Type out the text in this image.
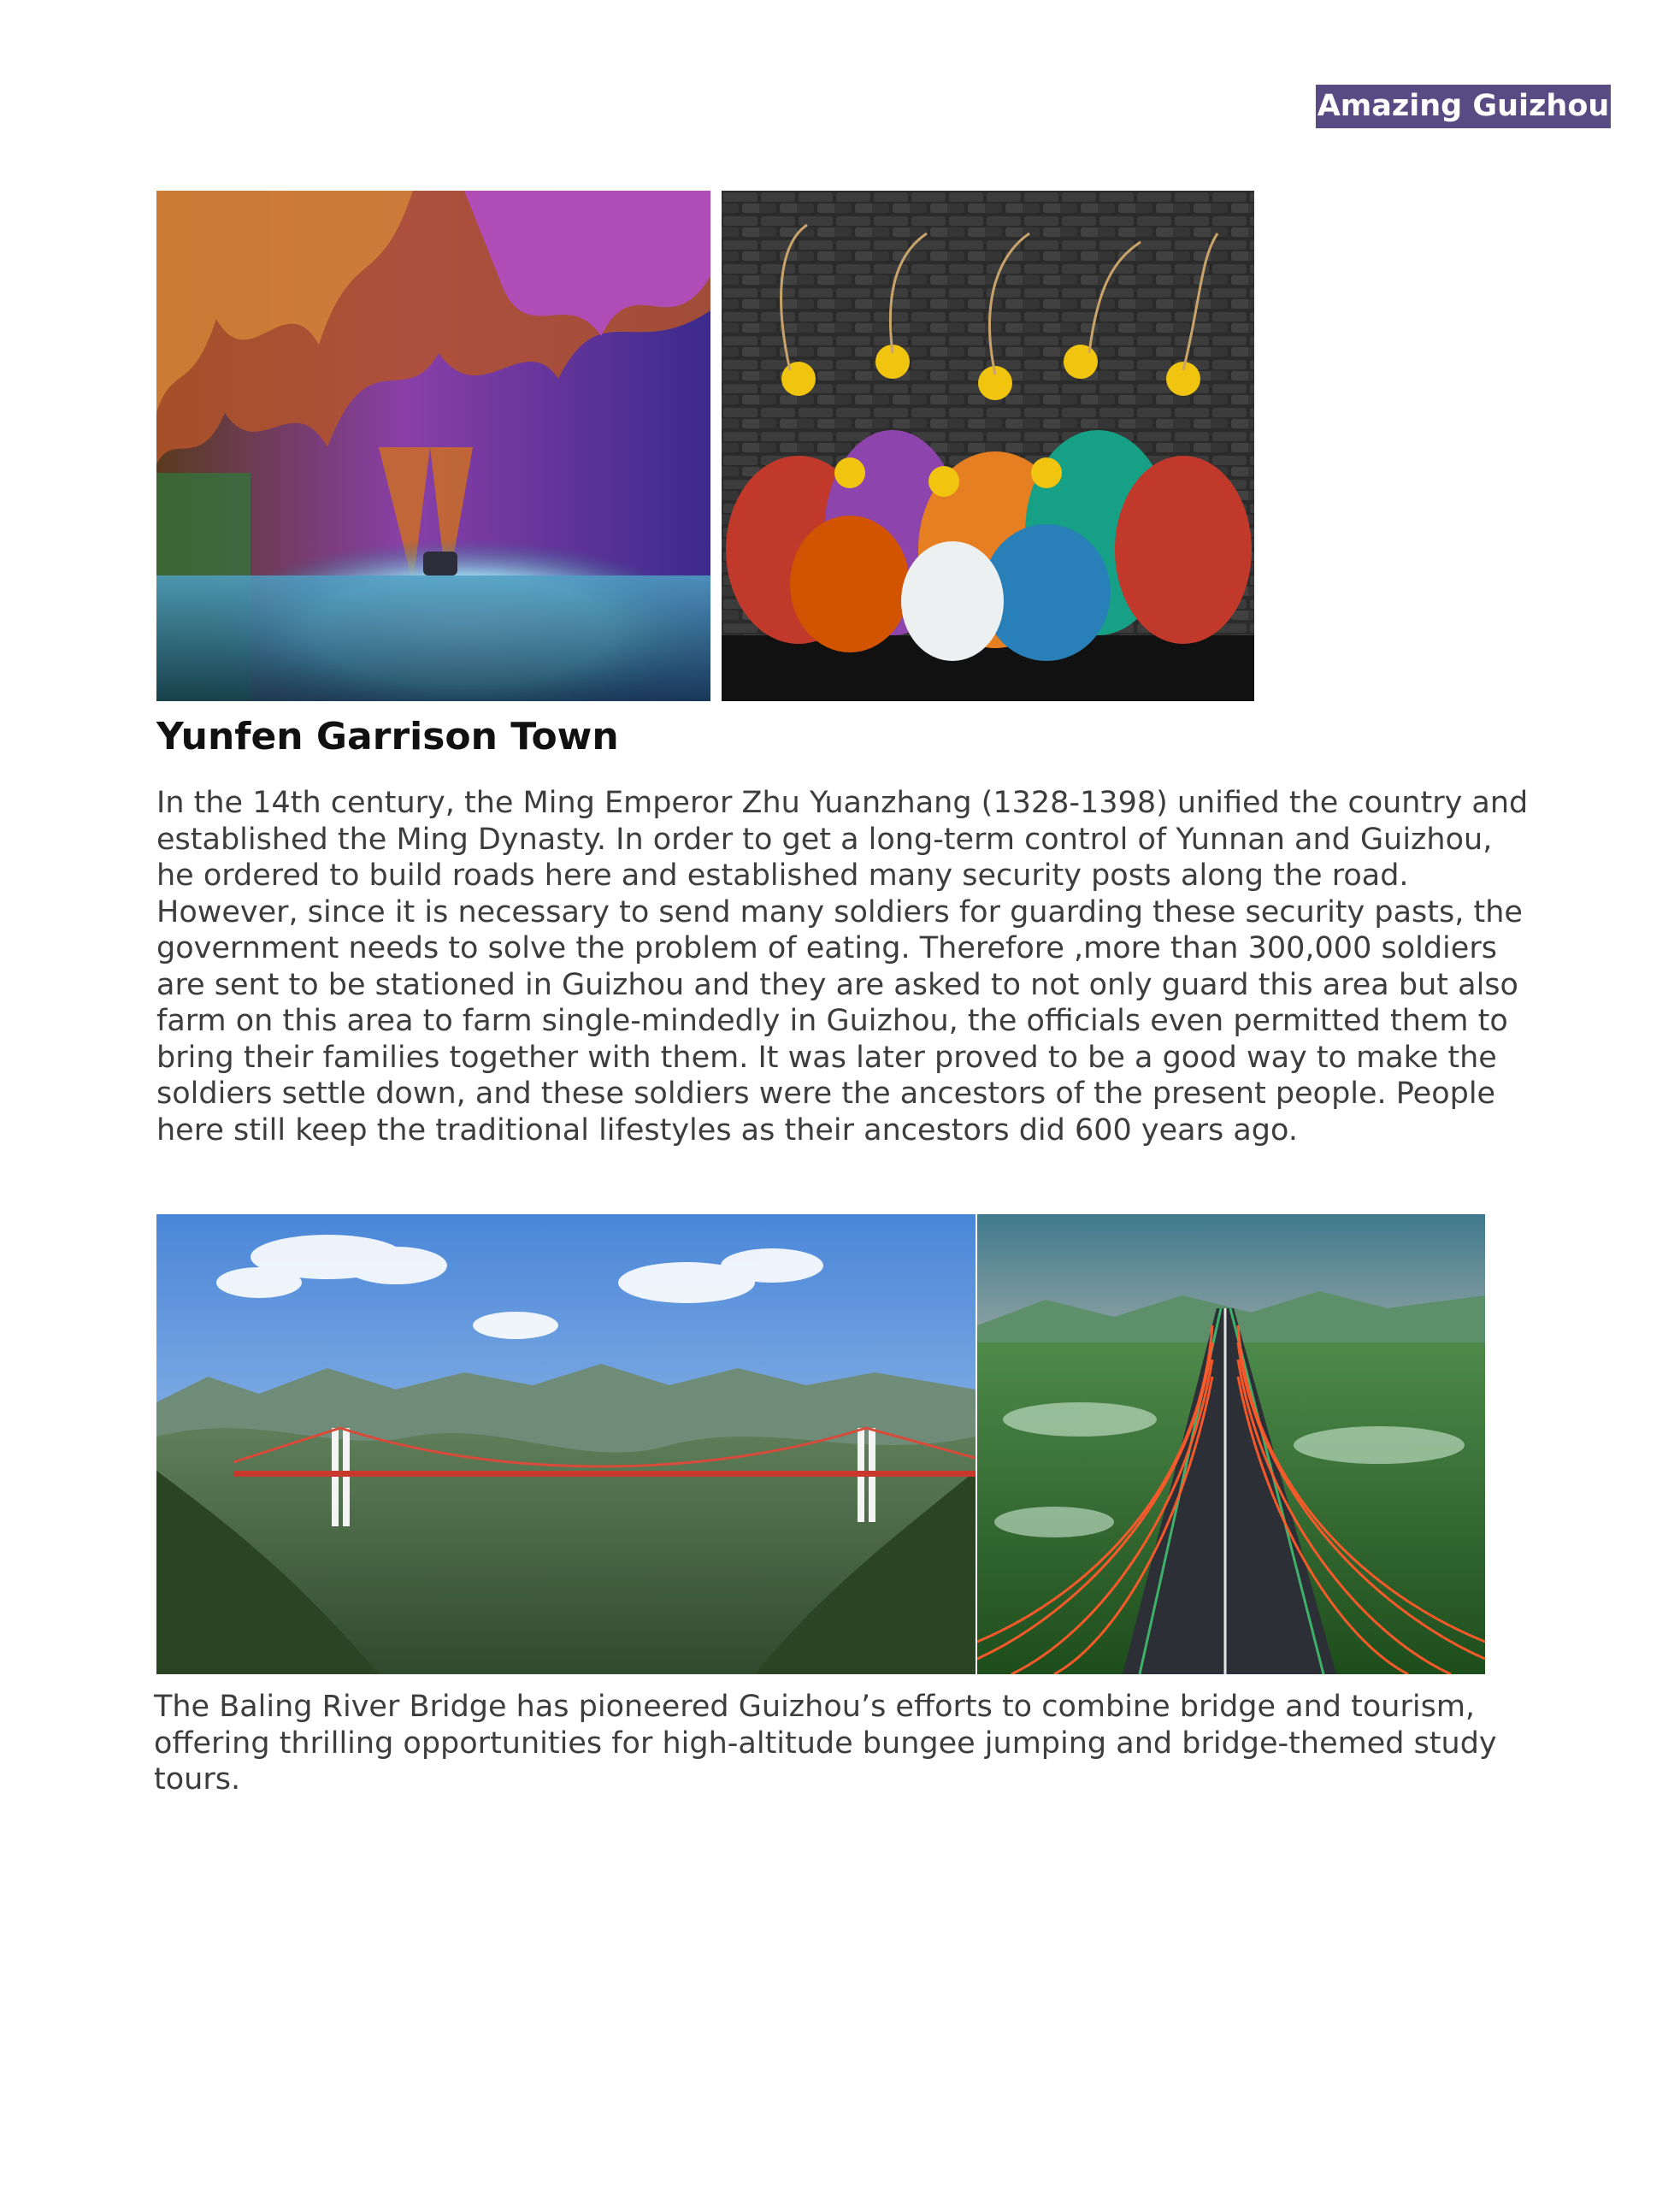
Amazing Guizhou
Yunfen Garrison Town
In the 14th century, the Ming Emperor Zhu Yuanzhang (1328-1398) unified the country and
established the Ming Dynasty. In order to get a long-term control of Yunnan and Guizhou,
he ordered to build roads here and established many security posts along the road.
However, since it is necessary to send many soldiers for guarding these security pasts, the
government needs to solve the problem of eating. Therefore ,more than 300,000 soldiers
are sent to be stationed in Guizhou and they are asked to not only guard this area but also
farm on this area to farm single-mindedly in Guizhou, the officials even permitted them to
bring their families together with them. It was later proved to be a good way to make the
soldiers settle down, and these soldiers were the ancestors of the present people. People
here still keep the traditional lifestyles as their ancestors did 600 years ago.
The Baling River Bridge has pioneered Guizhou’s efforts to combine bridge and tourism,
offering thrilling opportunities for high-altitude bungee jumping and bridge-themed study
tours.
